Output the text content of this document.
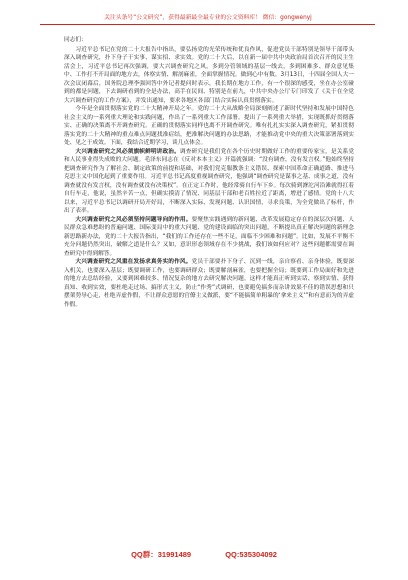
关注头条号“公文研究”，获得最新最全最专业的公文资料库！ 微信：gongwenyj

同志们：

习近平总书记在党的二十大报告中指出，要弘扬党的光荣传统和优良作风，促进党员干部特别是领导干部带头深入调查研究，扑下身子干实事、谋实招、求实效。党的二十大后，以在新一届中共中央政治局首次召开的民主生活会上，习近平总书记再次强调，要大兴调查研究之风，多到分管领域的基层一线去，多到困难多、群众意见集中、工作打不开局面的地方去，体察实情、解剖麻雀，全面掌握情况。做到心中有数。3月13日，十四届全国人大一次会议闭幕后，国务院总理李强回答中外记者提问时表示，我长期在地方工作，有一个很深的感受，坐在办公室碰到的都是问题，下去调研看到的全是办法，高手在民间、特别是在前九，中共中央办公厅专门印发了《关于在全党大兴调查研究的工作方案》，并发出通知，要求各地区各部门结合实际认真贯彻落实。

今年是全面贯彻落实党的二十大精神开局之年。党的二十大从战略全局深刻阐述了新时代坚持和发展中国特色社会主义的一系列重大理论和实践问题，作出了一系列重大工作部署。提出了一系列重大举措，实现既抓好贯彻落实、正确的决策离不开调查研究。正确的贯彻落实同样也离不开调查研究。唯有扎扎实实深入调查研究，紧扣贯彻落实党的二十大精神的重点难点问题找准症结，把准解决问题的办法思路，才能推动党中央的重大决策部署落到实处、见之于成效。下面，我结合近期学习，谈几点体会。

大兴调查研究之风必须旗帜鲜明讲政治。调查研究是我们党在各个历史时期做好工作的重要传家宝，是关系党和人民事业得失成败的大问题。毛泽东同志在《反对本本主义》开篇就强调：“没有调查，没有发言权。”他始终坚持把调查研究作为了解社会、制定政策的前提和基础，对我们党克服教条主义错误、探索中国革命正确道路、推进马克思主义中国化起到了重要作用。习近平总书记高度重视调查研究，他强调“调查研究是谋事之基、成事之道，没有调查就没有发言权，没有调查就没有决策权”。在正定工作时，他经常骑自行车下乡。每次骑到滹沱河沿滩就得扛着自行车走，他说，虽然辛苦一点，但确实摸清了情况、同基层干部和老百姓拉近了距离，增进了感情。党的十八大以来，习近平总书记以调研开局开好局，不断深入实际、发现问题、认识国情，寻求良策，为全党做出了标杆，作出了表率。

大兴调查研究之风必须坚持问题导向的作用。要聚焦实践遇到的新问题、改革发展稳定存在的深层次问题、人民群众急难愁盼的普遍问题、国际变局中的重大问题、党的建设面临的突出问题，不断提出真正解决问题的新理念新思路新办法，党的二十大报告指出，“我们的工作还存在一些不足，面临不少困难和问题”。比如，发展不平衡不充分问题仍然突出，破解之道是什么？又如，意识形态领域存在不少挑战，我们该如何应对？这些问题都需要在调查研究中得到解答。

大兴调查研究之风重在发扬求真务实的作风。党员干部要扑下身子、沉到一线，亲自察看、亲身体验，既要深入机关，也要深入基层；既要调研工作，也要调研群众；既要解剖麻雀，也要把握全局；既要到工作局面好和先进的地方去总结经验，又要到困难较多、情况复杂的地方去研究解决问题。这样才能真正听到实话、察到实情、获得真知、收到实效，要杜绝走过场、搞形式主义，防止“作秀”式调研，也要避免搞多而杂讲效果不佳的错误思想和只摆架势导心走，杜绝弄虚作假，不让群众意愿的官僚主义做派，要“不能搞简单粗暴的‘拿来主义’”和有意而为的弄虚作假。

QQ群：31991489	QQ:535304092
